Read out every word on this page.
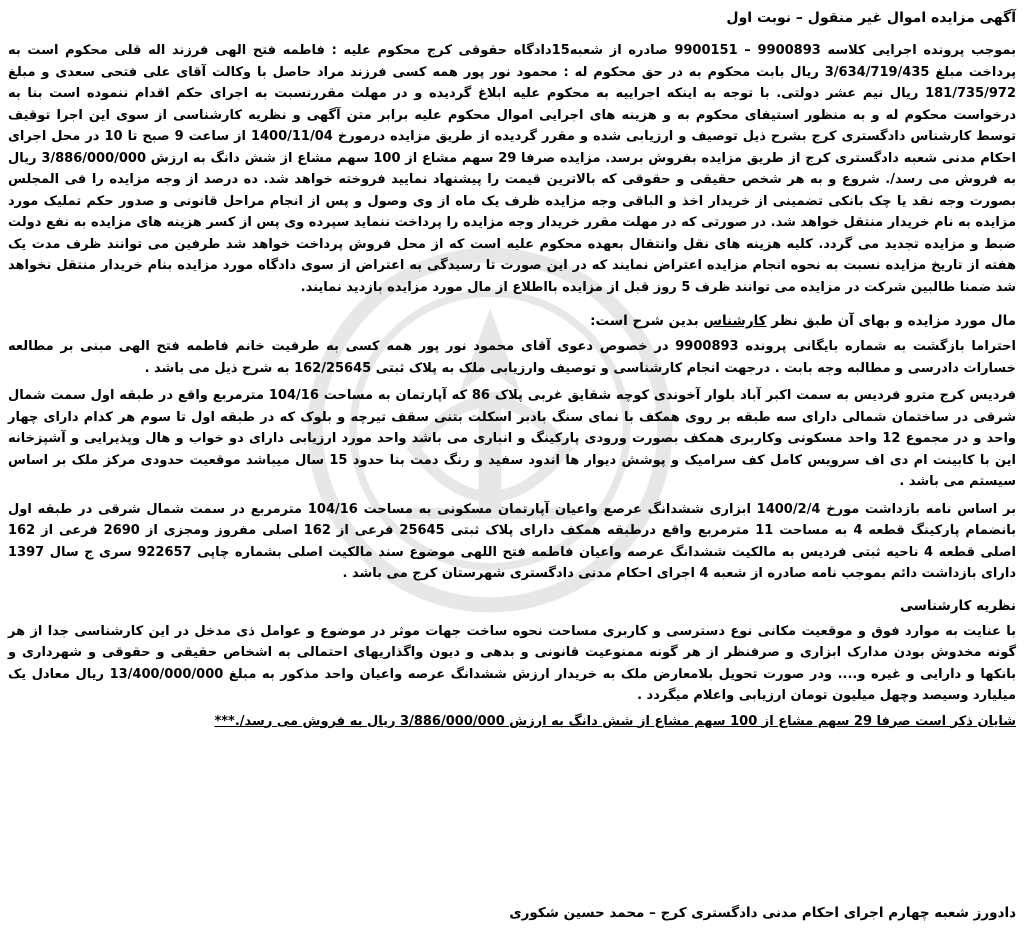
آگهی مزایده اموال غیر منقول – نوبت اول

بموجب پرونده اجرایی کلاسه 9900893 – 9900151 صادره از شعبه15دادگاه حقوقی کرج محکوم علیه : فاطمه فتح الهی فرزند اله قلی محکوم است به پرداخت مبلغ 3/634/719/435 ریال بابت محکوم به در حق محکوم له : محمود نور پور همه کسی فرزند مراد حاصل با وکالت آقای علی فتحی سعدی و مبلغ 181/735/972 ریال نیم عشر دولتی. با توجه به اینکه اجراییه به محکوم علیه ابلاغ گردیده و در مهلت مقررنسبت به اجرای حکم اقدام ننموده است بنا به درخواست محکوم له و به منظور استیفای محکوم به و هزینه های اجرایی اموال محکوم علیه برابر متن آگهی و نظریه کارشناسی از سوی این اجرا توقیف توسط کارشناس دادگستری کرج بشرح ذیل توصیف و ارزیابی شده و مقرر گردیده از طریق مزایده درمورخ 1400/11/04 از ساعت 9 صبح تا 10 در محل اجرای احکام مدنی شعبه دادگستری کرج از طریق مزایده بفروش برسد. مزایده صرفا 29 سهم مشاع از 100 سهم مشاع از شش دانگ به ارزش 3/886/000/000 ریال به فروش می رسد/. شروع و به هر شخص حقیقی و حقوقی که بالاترین قیمت را پیشنهاد نمایید فروخته خواهد شد. ده درصد از وجه مزایده را فی المجلس بصورت وجه نقد یا چک بانکی تضمینی از خریدار اخذ و الباقی وجه مزایده ظرف یک ماه از وی وصول و پس از انجام مراحل قانونی و صدور حکم تملیک مورد مزایده به نام خریدار منتقل خواهد شد. در صورتی که در مهلت مقرر خریدار وجه مزایده را پرداخت ننماید سپرده وی پس از کسر هزینه های مزایده به نفع دولت ضبط و مزایده تجدید می گردد. کلیه هزینه های نقل وانتقال بعهده محکوم علیه است که از محل فروش پرداخت خواهد شد طرفین می توانند ظرف مدت یک هفته از تاریخ مزایده نسبت به نحوه انجام مزایده اعتراض نمایند که در این صورت تا رسیدگی به اعتراض از سوی دادگاه مورد مزایده بنام خریدار منتقل نخواهد شد ضمنا طالبین شرکت در مزایده می توانند ظرف 5 روز قبل از مزایده بااطلاع از مال مورد مزایده بازدید نمایند.

مال مورد مزایده و بهای آن طبق نظر کارشناس بدین شرح است:

احتراما بازگشت به شماره بایگانی پرونده 9900893 در خصوص دعوی آقای محمود نور پور همه کسی به طرفیت خانم فاطمه فتح الهی مبنی بر مطالعه خسارات دادرسی و مطالبه وجه بابت . درجهت انجام کارشناسی و توصیف وارزیابی ملک به پلاک ثبتی 162/25645 به شرح ذیل می باشد .

فردیس کرج مترو فردیس به سمت اکبر آباد بلوار آخوندی کوچه شقایق غربی پلاک 86 که آپارتمان به مساحت 104/16 مترمربع واقع در طبقه اول سمت شمال شرقی در ساختمان شمالی دارای سه طبقه بر روی همکف با نمای سنگ بادبر اسکلت بتنی سقف تیرچه و بلوک که در طبقه اول تا سوم هر کدام دارای چهار واحد و در مجموع 12 واحد مسکونی وکاربری همکف بصورت ورودی پارکینگ و انباری می باشد واحد مورد ارزیابی دارای دو خواب و هال وپذیرایی و آشپزخانه این با کابینت ام دی اف سرویس کامل کف سرامیک و پوشش دیوار ها اندود سفید و رنگ دمت بنا حدود 15 سال میباشد موقعیت حدودی مرکز ملک بر اساس سیستم می باشد .

بر اساس نامه بازداشت مورخ 1400/2/4 ابزاری ششدانگ عرصع واعیان آپارتمان مسکونی به مساحت 104/16 مترمربع در سمت شمال شرقی در طبقه اول بانضمام پارکینگ قطعه 4 به مساحت 11 مترمربع واقع درطبقه همکف دارای پلاک ثبتی 25645 فرعی از 162 اصلی مفروز ومجزی از 2690 فرعی از 162 اصلی قطعه 4 ناحیه ثبتی فردیس به مالکیت ششدانگ عرصه واعیان فاطمه فتح اللهی موضوع سند مالکیت اصلی بشماره چاپی 922657 سری ج سال 1397 دارای بازداشت دائم بموجب نامه صادره از شعبه 4 اجرای احکام مدنی دادگستری شهرستان کرج می باشد .

نظریه کارشناسی

با عنایت به موارد فوق و موقعیت مکانی نوع دسترسی و کاربری مساحت نحوه ساخت جهات موثر در موضوع و عوامل ذی مدخل در این کارشناسی جدا از هر گونه مخدوش بودن مدارک ابزاری و صرفنظر از هر گونه ممنوعیت قانونی و بدهی و دیون واگذاریهای احتمالی به اشخاص حقیقی و حقوقی و شهرداری و بانکها و دارایی و غیره و.... ودر صورت تحویل بلامعارض ملک به خریدار ارزش ششدانگ عرصه واعیان واحد مذکور به مبلغ 13/400/000/000 ریال معادل یک میلیارد وسیصد وچهل میلیون تومان ارزیابی واعلام میگردد .

شایان ذکر است صرفا 29 سهم مشاع از 100 سهم مشاع از شش دانگ به ارزش 3/886/000/000 ریال به فروش می رسد/.***
دادورز شعبه چهارم اجرای احکام مدنی دادگستری کرج – محمد حسین شکوری
